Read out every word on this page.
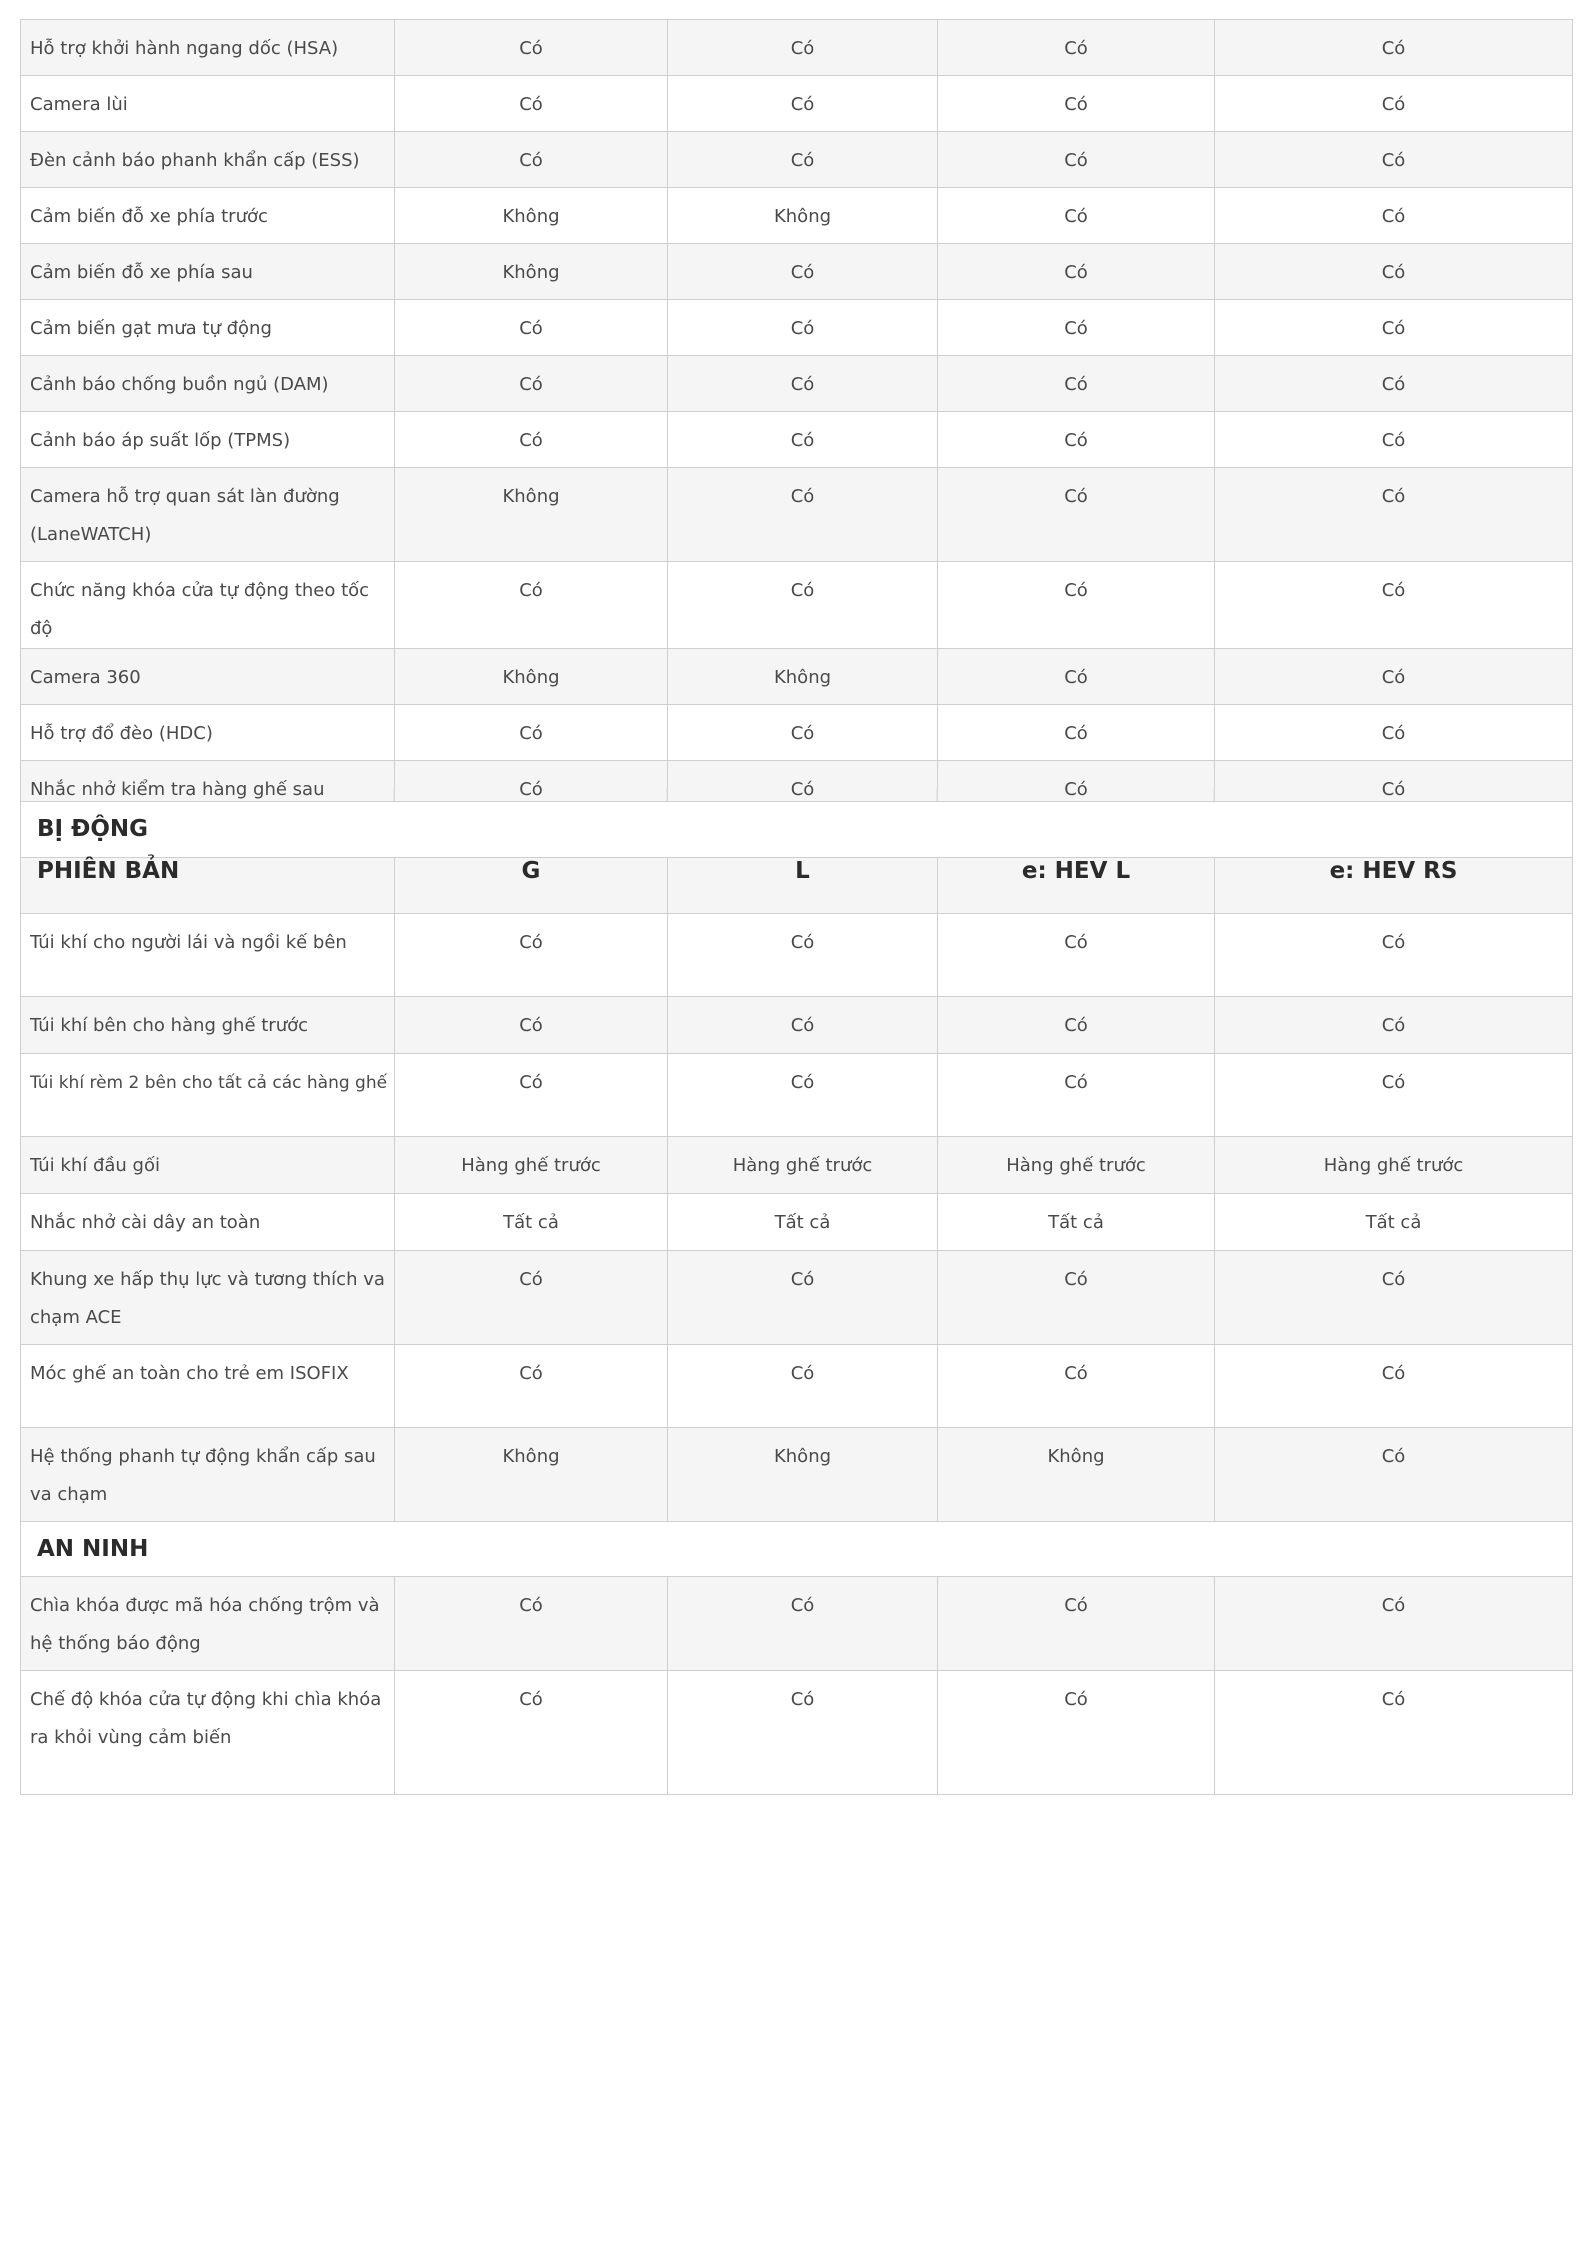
Hỗ trợ khởi hành ngang dốc (HSA)	Có	Có	Có	Có
Camera lùi	Có	Có	Có	Có
Đèn cảnh báo phanh khẩn cấp (ESS)	Có	Có	Có	Có
Cảm biến đỗ xe phía trước	Không	Không	Có	Có
Cảm biến đỗ xe phía sau	Không	Có	Có	Có
Cảm biến gạt mưa tự động	Có	Có	Có	Có
Cảnh báo chống buồn ngủ (DAM)	Có	Có	Có	Có
Cảnh báo áp suất lốp (TPMS)	Có	Có	Có	Có
Camera hỗ trợ quan sát làn đường (LaneWATCH)	Không	Có	Có	Có
Chức năng khóa cửa tự động theo tốc độ	Có	Có	Có	Có
Camera 360	Không	Không	Có	Có
Hỗ trợ đổ đèo (HDC)	Có	Có	Có	Có
Nhắc nhở kiểm tra hàng ghế sau	Có	Có	Có	Có
BỊ ĐỘNG				
PHIÊN BẢN	G	L	e: HEV L	e: HEV RS
Túi khí cho người lái và ngồi kế bên	Có	Có	Có	Có
Túi khí bên cho hàng ghế trước	Có	Có	Có	Có
Túi khí rèm 2 bên cho tất cả các hàng ghế	Có	Có	Có	Có
Túi khí đầu gối	Hàng ghế trước	Hàng ghế trước	Hàng ghế trước	Hàng ghế trước
Nhắc nhở cài dây an toàn	Tất cả	Tất cả	Tất cả	Tất cả
Khung xe hấp thụ lực và tương thích va chạm ACE	Có	Có	Có	Có
Móc ghế an toàn cho trẻ em ISOFIX	Có	Có	Có	Có
Hệ thống phanh tự động khẩn cấp sau va chạm	Không	Không	Không	Có
AN NINH				
Chìa khóa được mã hóa chống trộm và hệ thống báo động	Có	Có	Có	Có
Chế độ khóa cửa tự động khi chìa khóa ra khỏi vùng cảm biến	Có	Có	Có	Có
